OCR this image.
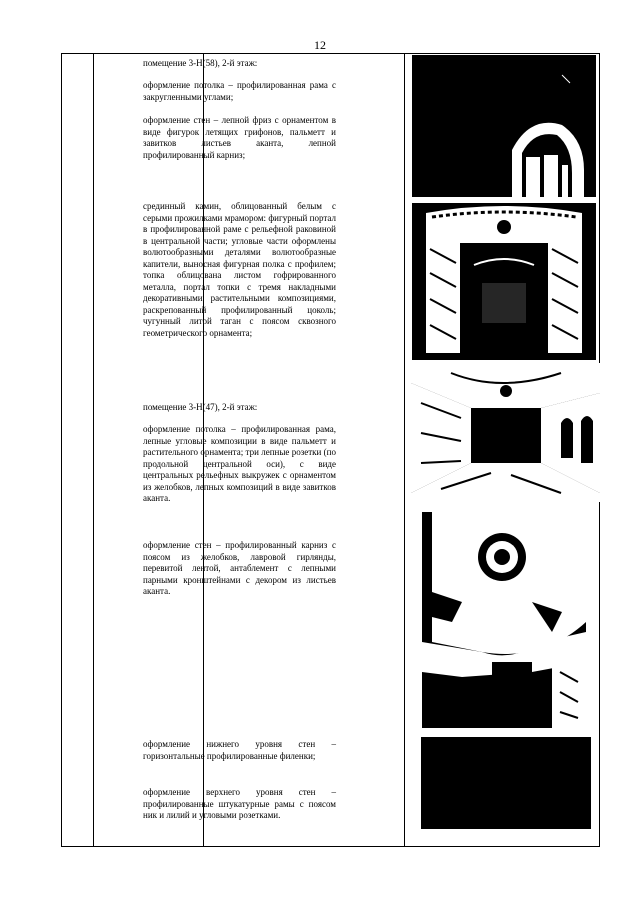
12

помещение 3-Н(58), 2-й этаж:

оформление потолка – профилированная рама с закругленными углами;

оформление стен – лепной фриз с орнаментом в виде фигурок летящих грифонов, пальметт и завитков листьев аканта, лепной профилированный карниз;

срединный камин, облицованный белым с серыми прожилками мрамором: фигурный портал в профилированной раме с рельефной раковиной в центральной части; угловые части оформлены волютообразными деталями волютообразные капители, выносная фигурная полка с профилем; топка облицована листом гофрированного металла, портал топки с тремя накладными декоративными растительными композициями, раскрепованный профилированный цоколь; чугунный литой таган с поясом сквозного геометрического орнамента;

помещение 3-Н(47), 2-й этаж:

оформление потолка – профилированная рама, лепные угловые композиции в виде пальметт и растительного орнамента; три лепные розетки (по продольной центральной оси), с виде центральных рельефных выкружек с орнаментом из желобков, лепных композиций в виде завитков аканта.

оформление стен – профилированный карниз с поясом из желобков, лавровой гирлянды, перевитой лентой, антаблемент с лепными парными кронштейнами с декором из листьев аканта.

оформление нижнего уровня стен – горизонтальные профилированные филенки;

оформление верхнего уровня стен – профилированные штукатурные рамы с поясом ник и лилий и угловыми розетками.
